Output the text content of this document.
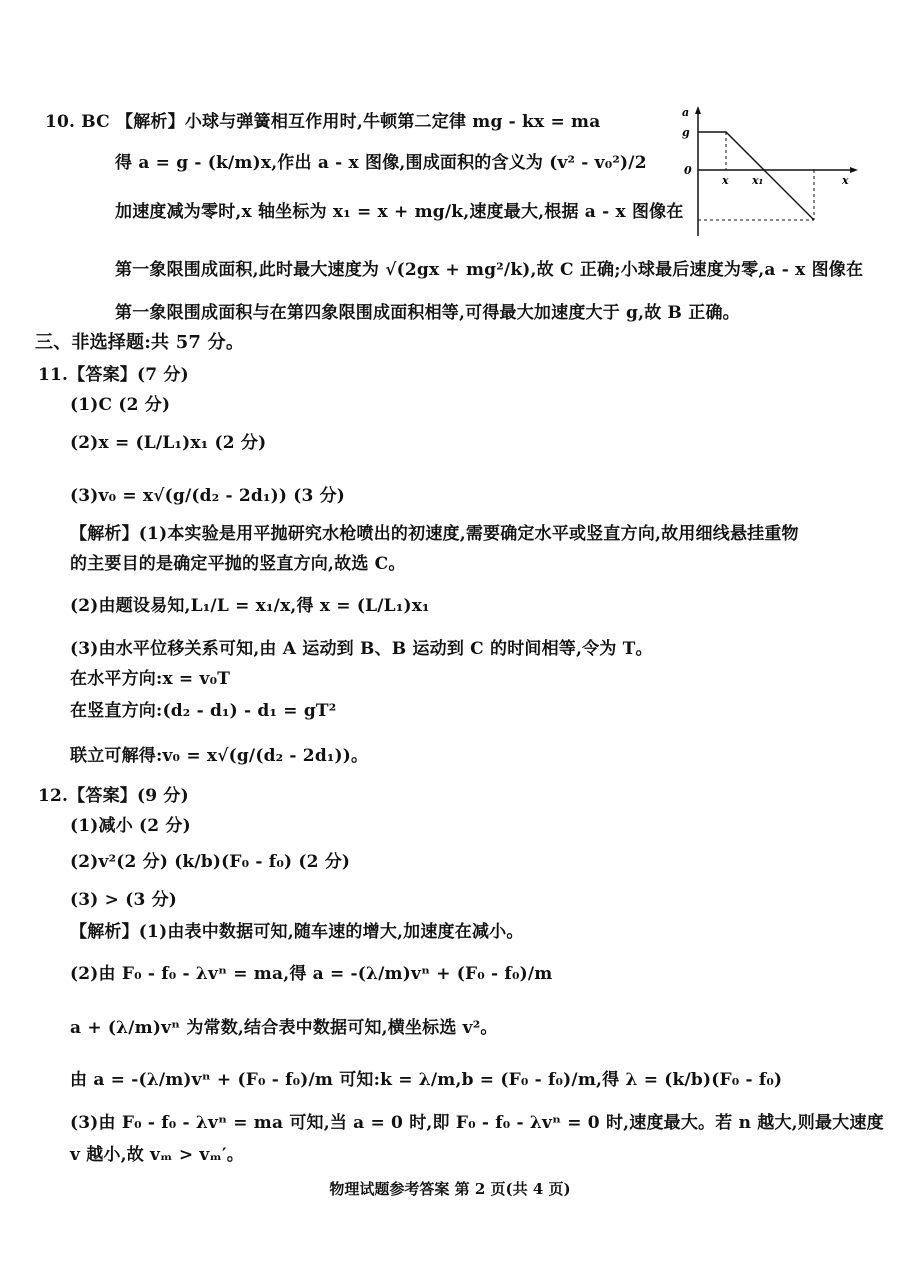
10. BC 【解析】小球与弹簧相互作用时,牛顿第二定律 mg - kx = ma
得 a = g - (k/m)x,作出 a - x 图像,围成面积的含义为 (v² - v₀²)/2
加速度减为零时,x 轴坐标为 x₁ = x + mg/k,速度最大,根据 a - x 图像在
第一象限围成面积,此时最大速度为 √(2gx + mg²/k),故 C 正确;小球最后速度为零,a - x 图像在
第一象限围成面积与在第四象限围成面积相等,可得最大加速度大于 g,故 B 正确。
三、非选择题:共 57 分。
11.【答案】(7 分)
(1)C (2 分)
(2)x = (L/L₁)x₁ (2 分)
(3)v₀ = x√(g/(d₂ - 2d₁)) (3 分)
【解析】(1)本实验是用平抛研究水枪喷出的初速度,需要确定水平或竖直方向,故用细线悬挂重物
的主要目的是确定平抛的竖直方向,故选 C。
(2)由题设易知,L₁/L = x₁/x,得 x = (L/L₁)x₁
(3)由水平位移关系可知,由 A 运动到 B、B 运动到 C 的时间相等,令为 T。
在水平方向:x = v₀T
在竖直方向:(d₂ - d₁) - d₁ = gT²
联立可解得:v₀ = x√(g/(d₂ - 2d₁))。
12.【答案】(9 分)
(1)减小 (2 分)
(2)v²(2 分) (k/b)(F₀ - f₀) (2 分)
(3) > (3 分)
【解析】(1)由表中数据可知,随车速的增大,加速度在减小。
(2)由 F₀ - f₀ - λvⁿ = ma,得 a = -(λ/m)vⁿ + (F₀ - f₀)/m
a + (λ/m)vⁿ 为常数,结合表中数据可知,横坐标选 v²。
由 a = -(λ/m)vⁿ + (F₀ - f₀)/m 可知:k = λ/m,b = (F₀ - f₀)/m,得 λ = (k/b)(F₀ - f₀)
(3)由 F₀ - f₀ - λvⁿ = ma 可知,当 a = 0 时,即 F₀ - f₀ - λvⁿ = 0 时,速度最大。若 n 越大,则最大速度
v 越小,故 vₘ > vₘ′。
a
x
g
0
x x₁
物理试题参考答案 第 2 页(共 4 页)
